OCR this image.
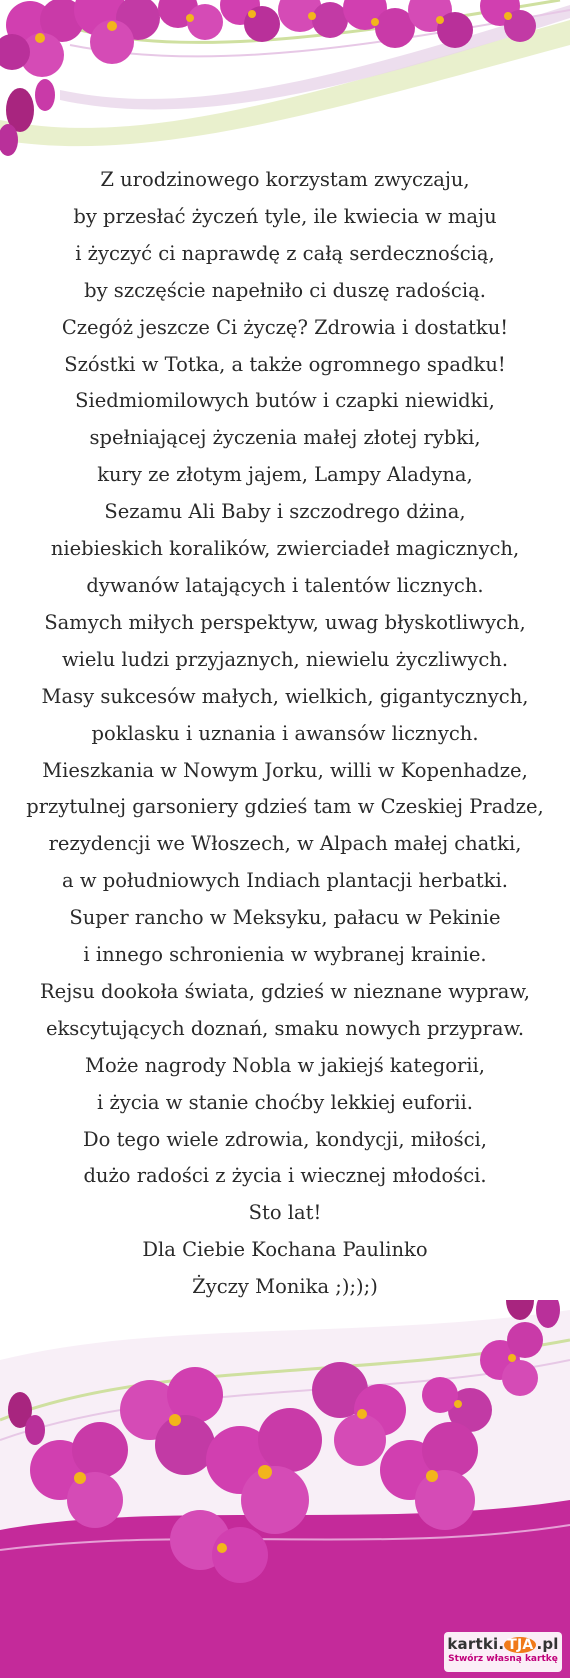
Z urodzinowego korzystam zwyczaju,
by przesłać życzeń tyle, ile kwiecia w maju
i życzyć ci naprawdę z całą serdecznością,
by szczęście napełniło ci duszę radością.
Czegóż jeszcze Ci życzę? Zdrowia i dostatku!
Szóstki w Totka, a także ogromnego spadku!
Siedmiomilowych butów i czapki niewidki,
spełniającej życzenia małej złotej rybki,
kury ze złotym jajem, Lampy Aladyna,
Sezamu Ali Baby i szczodrego dżina,
niebieskich koralików, zwierciadeł magicznych,
dywanów latających i talentów licznych.
Samych miłych perspektyw, uwag błyskotliwych,
wielu ludzi przyjaznych, niewielu życzliwych.
Masy sukcesów małych, wielkich, gigantycznych,
poklasku i uznania i awansów licznych.
Mieszkania w Nowym Jorku, willi w Kopenhadze,
przytulnej garsoniery gdzieś tam w Czeskiej Pradze,
rezydencji we Włoszech, w Alpach małej chatki,
a w południowych Indiach plantacji herbatki.
Super rancho w Meksyku, pałacu w Pekinie
i innego schronienia w wybranej krainie.
Rejsu dookoła świata, gdzieś w nieznane wypraw,
ekscytujących doznań, smaku nowych przypraw.
Może nagrody Nobla w jakiejś kategorii,
i życia w stanie choćby lekkiej euforii.
Do tego wiele zdrowia, kondycji, miłości,
dużo radości z życia i wiecznej młodości.
Sto lat!
Dla Ciebie Kochana Paulinko
Życzy Monika ;););)
kartki. TJA .pl
Stwórz własną kartkę
